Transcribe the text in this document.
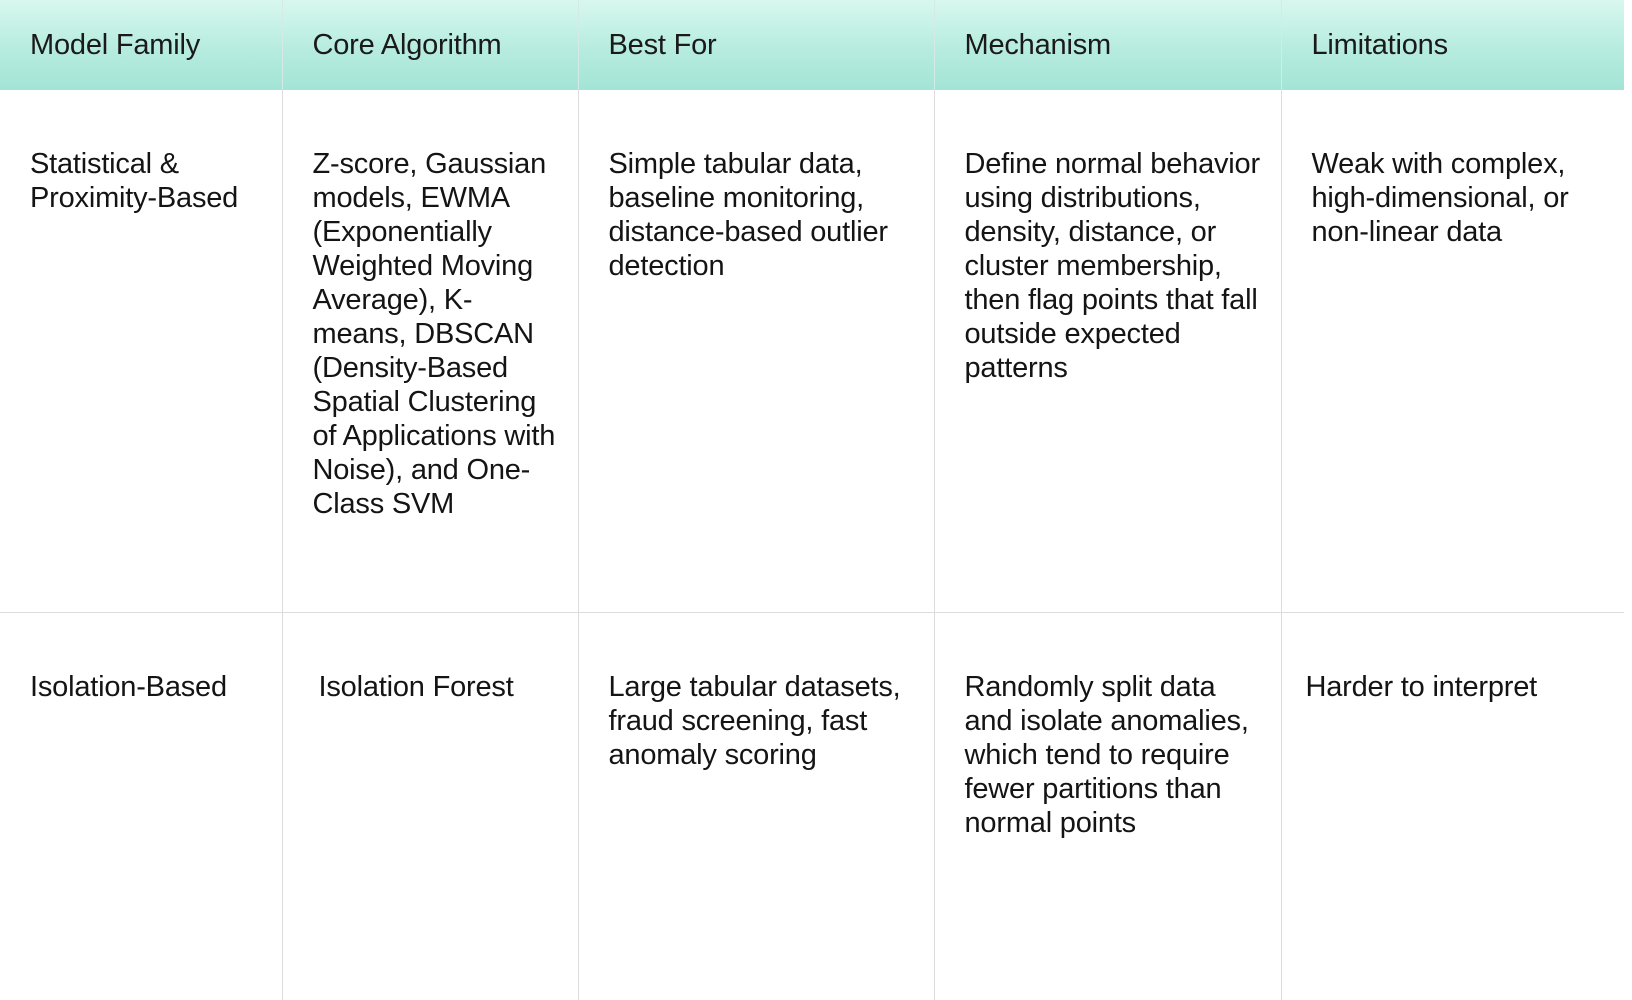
Model Family	Core Algorithm	Best For	Mechanism	Limitations
Statistical & Proximity-Based	Z-score, Gaussian models, EWMA (Exponentially Weighted Moving Average), K-means, DBSCAN (Density-Based Spatial Clustering of Applications with Noise), and One-Class SVM	Simple tabular data, baseline monitoring, distance-based outlier detection	Define normal behavior using distributions, density, distance, or cluster membership, then flag points that fall outside expected patterns	Weak with complex, high-dimensional, or non-linear data
Isolation-Based	Isolation Forest	Large tabular datasets, fraud screening, fast anomaly scoring	Randomly split data and isolate anomalies, which tend to require fewer partitions than normal points	Harder to interpret
